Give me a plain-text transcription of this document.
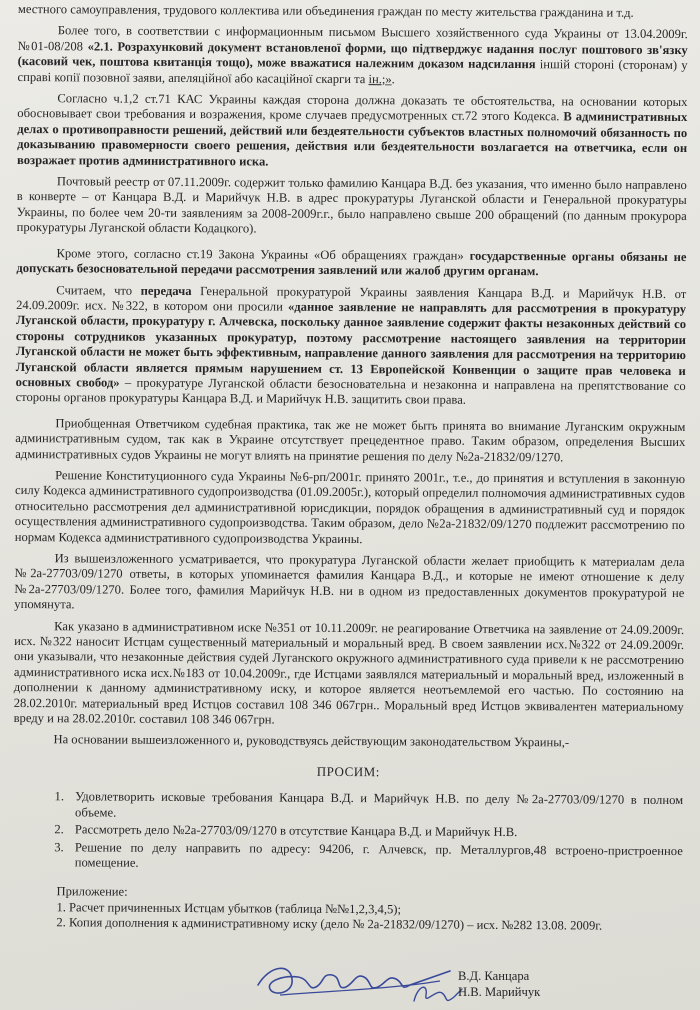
местного самоуправления, трудового коллектива или объединения граждан по месту жительства гражданина и т.д.

Более того, в соответствии с информационным письмом Высшего хозяйственного суда Украины от 13.04.2009г. №01-08/208 «2.1. Розрахунковий документ встановленої форми, що підтверджує надання послуг поштового зв'язку (касовий чек, поштова квитанція тощо), може вважатися належним доказом надсилання іншій стороні (сторонам) у справі копії позовної заяви, апеляційної або касаційної скарги та ін.;».

Согласно ч.1,2 ст.71 КАС Украины каждая сторона должна доказать те обстоятельства, на основании которых обосновывает свои требования и возражения, кроме случаев предусмотренных ст.72 этого Кодекса. В административных делах о противоправности решений, действий или бездеятельности субъектов властных полномочий обязанность по доказыванию правомерности своего решения, действия или бездеятельности возлагается на ответчика, если он возражает против административного иска.

Почтовый реестр от 07.11.2009г. содержит только фамилию Канцара В.Д. без указания, что именно было направлено в конверте – от Канцара В.Д. и Марийчук Н.В. в адрес прокуратуры Луганской области и Генеральной прокуратуры Украины, по более чем 20-ти заявлениям за 2008-2009г.г., было направлено свыше 200 обращений (по данным прокурора прокуратуры Луганской области Кодацкого).

Кроме этого, согласно ст.19 Закона Украины «Об обращениях граждан» государственные органы обязаны не допускать безосновательной передачи рассмотрения заявлений или жалоб другим органам.

Считаем, что передача Генеральной прокуратурой Украины заявления Канцара В.Д. и Марийчук Н.В. от 24.09.2009г. исх. №322, в котором они просили «данное заявление не направлять для рассмотрения в прокуратуру Луганской области, прокуратуру г. Алчевска, поскольку данное заявление содержит факты незаконных действий со стороны сотрудников указанных прокуратур, поэтому рассмотрение настоящего заявления на территории Луганской области не может быть эффективным, направление данного заявления для рассмотрения на территорию Луганской области является прямым нарушением ст. 13 Европейской Конвенции о защите прав человека и основных свобод» – прокуратуре Луганской области безосновательна и незаконна и направлена на препятствование со стороны органов прокуратуры Канцара В.Д. и Марийчук Н.В. защитить свои права.

Приобщенная Ответчиком судебная практика, так же не может быть принята во внимание Луганским окружным административным судом, так как в Украине отсутствует прецедентное право. Таким образом, определения Высших административных судов Украины не могут влиять на принятие решения по делу №2а-21832/09/1270.

Решение Конституционного суда Украины №6-рп/2001г. принято 2001г., т.е., до принятия и вступления в законную силу Кодекса административного судопроизводства (01.09.2005г.), который определил полномочия административных судов относительно рассмотрения дел административной юрисдикции, порядок обращения в административный суд и порядок осуществления административного судопроизводства. Таким образом, дело №2а-21832/09/1270 подлежит рассмотрению по нормам Кодекса административного судопроизводства Украины.

Из вышеизложенного усматривается, что прокуратура Луганской области желает приобщить к материалам дела №2а-27703/09/1270 ответы, в которых упоминается фамилия Канцара В.Д., и которые не имеют отношение к делу №2а-27703/09/1270. Более того, фамилия Марийчук Н.В. ни в одном из предоставленных документов прокуратурой не упомянута.

Как указано в административном иске №351 от 10.11.2009г. не реагирование Ответчика на заявление от 24.09.2009г. исх. №322 наносит Истцам существенный материальный и моральный вред. В своем заявлении исх.№322 от 24.09.2009г. они указывали, что незаконные действия судей Луганского окружного административного суда привели к не рассмотрению административного иска исх.№183 от 10.04.2009г., где Истцами заявлялся материальный и моральный вред, изложенный в дополнении к данному административному иску, и которое является неотъемлемой его частью. По состоянию на 28.02.2010г. материальный вред Истцов составил 108 346 067грн.. Моральный вред Истцов эквивалентен материальному вреду и на 28.02.2010г. составил 108 346 067грн.

На основании вышеизложенного и, руководствуясь действующим законодательством Украины,-

ПРОСИМ:

1. Удовлетворить исковые требования Канцара В.Д. и Марийчук Н.В. по делу №2а-27703/09/1270 в полном объеме.
2. Рассмотреть дело №2а-27703/09/1270 в отсутствие Канцара В.Д. и Марийчук Н.В.
3. Решение по делу направить по адресу: 94206, г. Алчевск, пр. Металлургов,48 встроено-пристроенное помещение.
Приложение:
1. Расчет причиненных Истцам убытков (таблица №№1,2,3,4,5);
2. Копия дополнения к административному иску (дело № 2а-21832/09/1270) – исх. №282 13.08. 2009г.
В.Д. Канцара
Н.В. Марийчук
